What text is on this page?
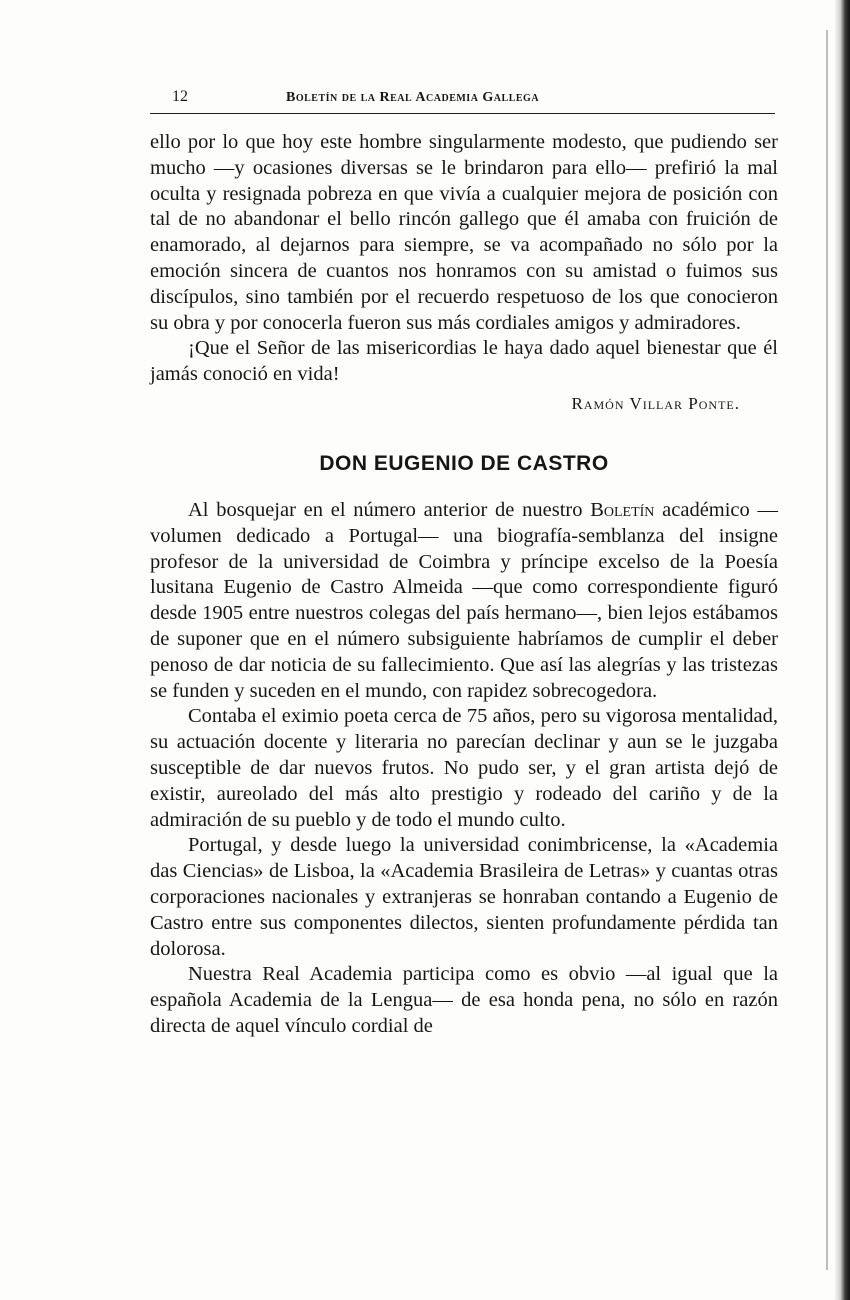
12	Boletín de la Real Academia Gallega

ello por lo que hoy este hombre singularmente modesto, que pudiendo ser mucho —y ocasiones diversas se le brindaron para ello— prefirió la mal oculta y resignada pobreza en que vivía a cualquier mejora de posición con tal de no abandonar el bello rincón gallego que él amaba con fruición de enamorado, al dejarnos para siempre, se va acompañado no sólo por la emoción sincera de cuantos nos honramos con su amistad o fuimos sus discípulos, sino también por el recuerdo respetuoso de los que conocieron su obra y por conocerla fueron sus más cordiales amigos y admiradores.

¡Que el Señor de las misericordias le haya dado aquel bienestar que él jamás conoció en vida!

Ramón Villar Ponte.

DON EUGENIO DE CASTRO

Al bosquejar en el número anterior de nuestro Boletín académico —volumen dedicado a Portugal— una biografía-semblanza del insigne profesor de la universidad de Coimbra y príncipe excelso de la Poesía lusitana Eugenio de Castro Almeida —que como correspondiente figuró desde 1905 entre nuestros colegas del país hermano—, bien lejos estábamos de suponer que en el número subsiguiente habríamos de cumplir el deber penoso de dar noticia de su fallecimiento. Que así las alegrías y las tristezas se funden y suceden en el mundo, con rapidez sobrecogedora.

Contaba el eximio poeta cerca de 75 años, pero su vigorosa mentalidad, su actuación docente y literaria no parecían declinar y aun se le juzgaba susceptible de dar nuevos frutos. No pudo ser, y el gran artista dejó de existir, aureolado del más alto prestigio y rodeado del cariño y de la admiración de su pueblo y de todo el mundo culto.

Portugal, y desde luego la universidad conimbricense, la «Academia das Ciencias» de Lisboa, la «Academia Brasileira de Letras» y cuantas otras corporaciones nacionales y extranjeras se honraban contando a Eugenio de Castro entre sus componentes dilectos, sienten profundamente pérdida tan dolorosa.

Nuestra Real Academia participa como es obvio —al igual que la española Academia de la Lengua— de esa honda pena, no sólo en razón directa de aquel vínculo cordial de
